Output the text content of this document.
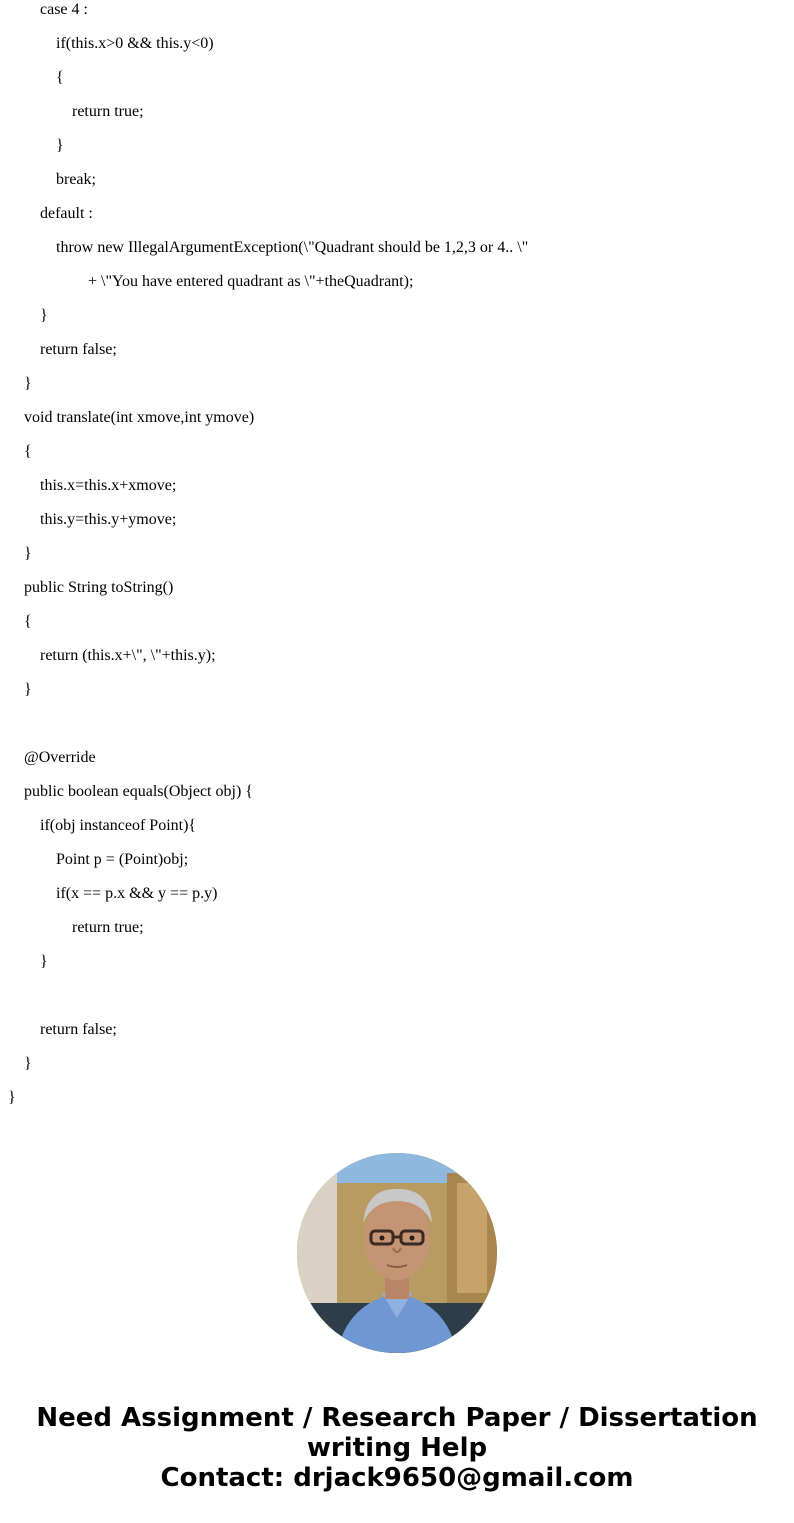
case 4 :
if(this.x>0 && this.y<0)
{
return true;
}
break;
default :
throw new IllegalArgumentException(\"Quadrant should be 1,2,3 or 4.. \"
+ \"You have entered quadrant as \"+theQuadrant);
}
return false;
}
void translate(int xmove,int ymove)
{
this.x=this.x+xmove;
this.y=this.y+ymove;
}
public String toString()
{
return (this.x+\", \"+this.y);
}
@Override
public boolean equals(Object obj) {
if(obj instanceof Point){
Point p = (Point)obj;
if(x == p.x && y == p.y)
return true;
}
return false;
}
}
Need Assignment / Research Paper / Dissertation
writing Help
Contact: drjack9650@gmail.com
